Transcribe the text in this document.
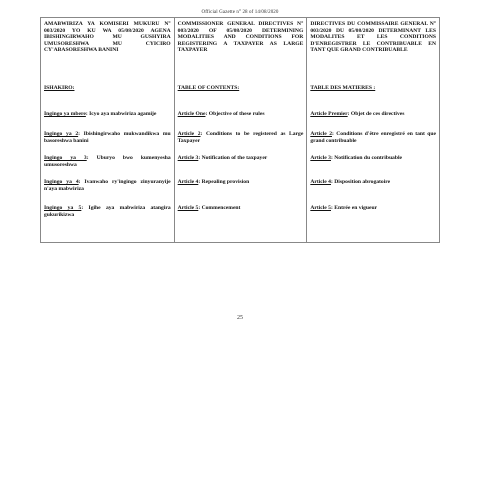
Official Gazette n° 28 of 14/08/2020
AMABWIRIZA YA KOMISERI MUKURU N° 003/2020 YO KU WA 05/08/2020 AGENA IBISHINGIRWAHO MU GUSHYIRA UMUSORESHWA MU CYICIRO CY'ABASORESHWA BANINI
ISHAKIRO:
Ingingo ya mbere: Icyo aya mabwiriza agamije
Ingingo ya 2: Ibishingirwaho mukwandikwa mu basoreshwa banini
Ingingo ya 3: Uburyo bwo kumenyesha umusoreshwa
Ingingo ya 4: Ivanwaho ry'ingingo zinyuranyije n'aya mabwiriza
Ingingo ya 5: Igihe aya mabwiriza atangira gukurikizwa
COMMISSIONER GENERAL DIRECTIVES N° 003/2020 OF 05/08/2020 DETERMINING MODALITIES AND CONDITIONS FOR REGISTERING A TAXPAYER AS LARGE TAXPAYER
TABLE OF CONTENTS:
Article One: Objective of these rules
Article 2: Conditions to be registered as Large Taxpayer
Article 3: Notification of the taxpayer
Article 4: Repealing provision
Article 5: Commencement
DIRECTIVES DU COMMISSAIRE GENERAL N° 003/2020 DU 05/08/2020 DETERMINANT LES MODALITES ET LES CONDITIONS D'ENREGISTRER LE CONTRIBUABLE EN TANT QUE GRAND CONTRIBUABLE
TABLE DES MATIERES :
Article Premier: Objet de ces directives
Article 2: Conditions d'être enregistré en tant que grand contribuable
Article 3: Notification du contribuable
Article 4: Disposition abrogatoire
Article 5: Entrée en vigueur
25
